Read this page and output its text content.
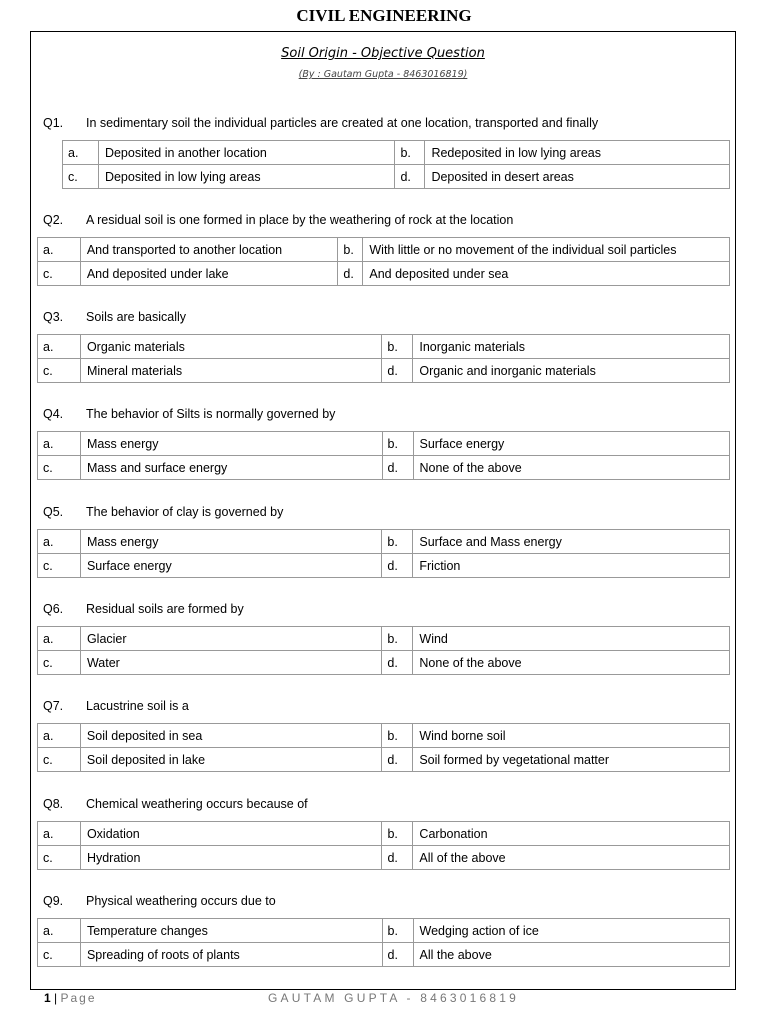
CIVIL ENGINEERING
Soil Origin - Objective Question
(By : Gautam Gupta - 8463016819)
Q1. In sedimentary soil the individual particles are created at one location, transported and finally
a.	Deposited in another location	b.	Redeposited in low lying areas
c.	Deposited in low lying areas	d.	Deposited in desert areas
Q2. A residual soil is one formed in place by the weathering of rock at the location
a.	And transported to another location	b.	With little or no movement of the individual soil particles
c.	And deposited under lake	d.	And deposited under sea
Q3. Soils are basically
a.	Organic materials	b.	Inorganic materials
c.	Mineral materials	d.	Organic and inorganic materials
Q4. The behavior of Silts is normally governed by
a.	Mass energy	b.	Surface energy
c.	Mass and surface energy	d.	None of the above
Q5. The behavior of clay is governed by
a.	Mass energy	b.	Surface and Mass energy
c.	Surface energy	d.	Friction
Q6. Residual soils are formed by
a.	Glacier	b.	Wind
c.	Water	d.	None of the above
Q7. Lacustrine soil is a
a.	Soil deposited in sea	b.	Wind borne soil
c.	Soil deposited in lake	d.	Soil formed by vegetational matter
Q8. Chemical weathering occurs because of
a.	Oxidation	b.	Carbonation
c.	Hydration	d.	All of the above
Q9. Physical weathering occurs due to
a.	Temperature changes	b.	Wedging action of ice
c.	Spreading of roots of plants	d.	All the above
1 | Page	GAUTAM GUPTA - 8463016819
